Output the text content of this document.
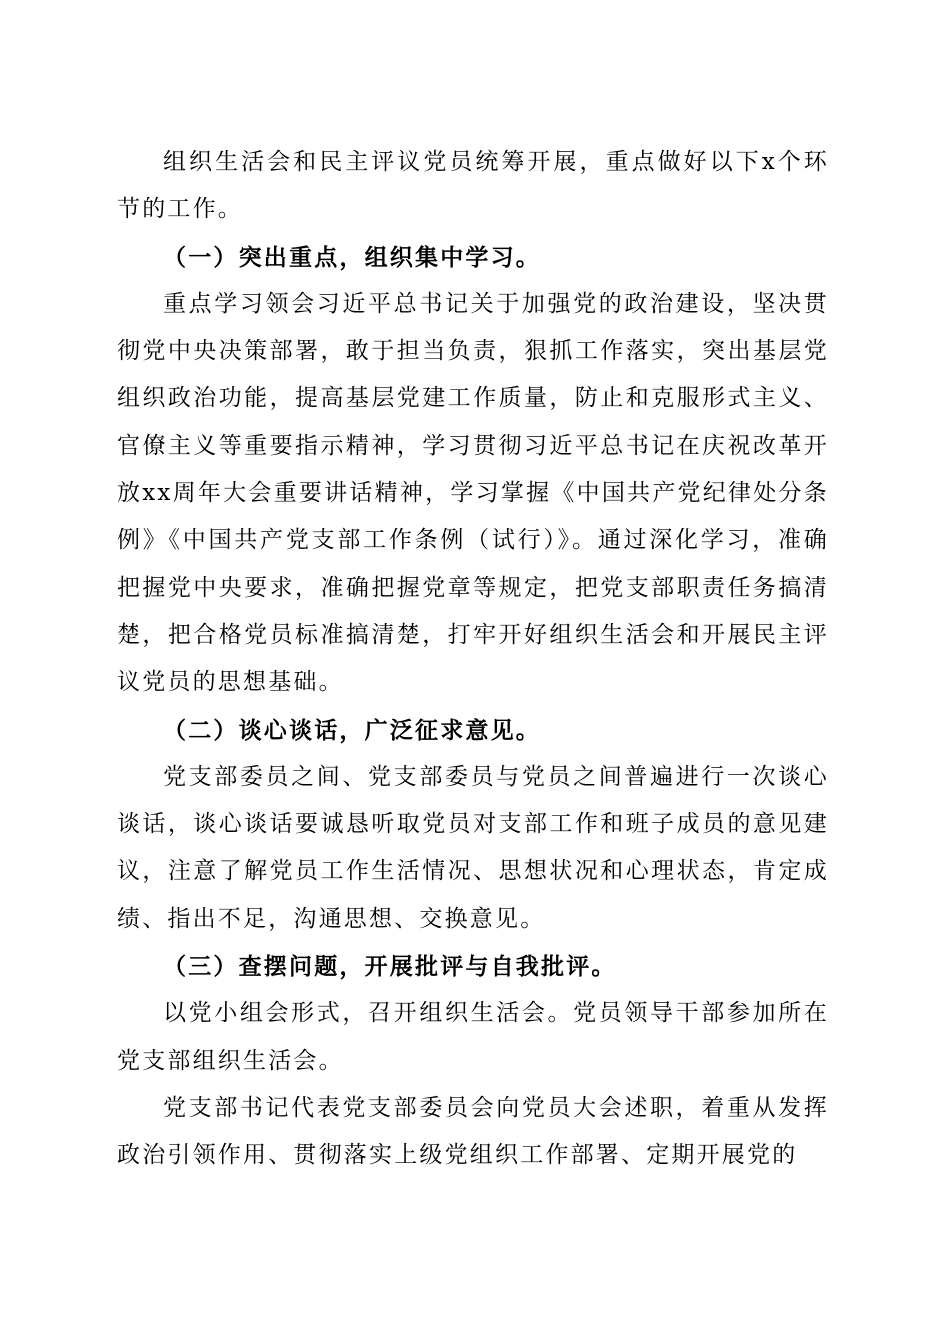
组织生活会和民主评议党员统筹开展，重点做好以下x个环节的工作。

（一）突出重点，组织集中学习。

重点学习领会习近平总书记关于加强党的政治建设，坚决贯彻党中央决策部署，敢于担当负责，狠抓工作落实，突出基层党组织政治功能，提高基层党建工作质量，防止和克服形式主义、官僚主义等重要指示精神，学习贯彻习近平总书记在庆祝改革开放xx周年大会重要讲话精神，学习掌握《中国共产党纪律处分条例》《中国共产党支部工作条例（试行）》。通过深化学习，准确把握党中央要求，准确把握党章等规定，把党支部职责任务搞清楚，把合格党员标准搞清楚，打牢开好组织生活会和开展民主评议党员的思想基础。

（二）谈心谈话，广泛征求意见。

党支部委员之间、党支部委员与党员之间普遍进行一次谈心谈话，谈心谈话要诚恳听取党员对支部工作和班子成员的意见建议，注意了解党员工作生活情况、思想状况和心理状态，肯定成绩、指出不足，沟通思想、交换意见。

（三）查摆问题，开展批评与自我批评。

以党小组会形式，召开组织生活会。党员领导干部参加所在党支部组织生活会。

党支部书记代表党支部委员会向党员大会述职，着重从发挥政治引领作用、贯彻落实上级党组织工作部署、定期开展党的
